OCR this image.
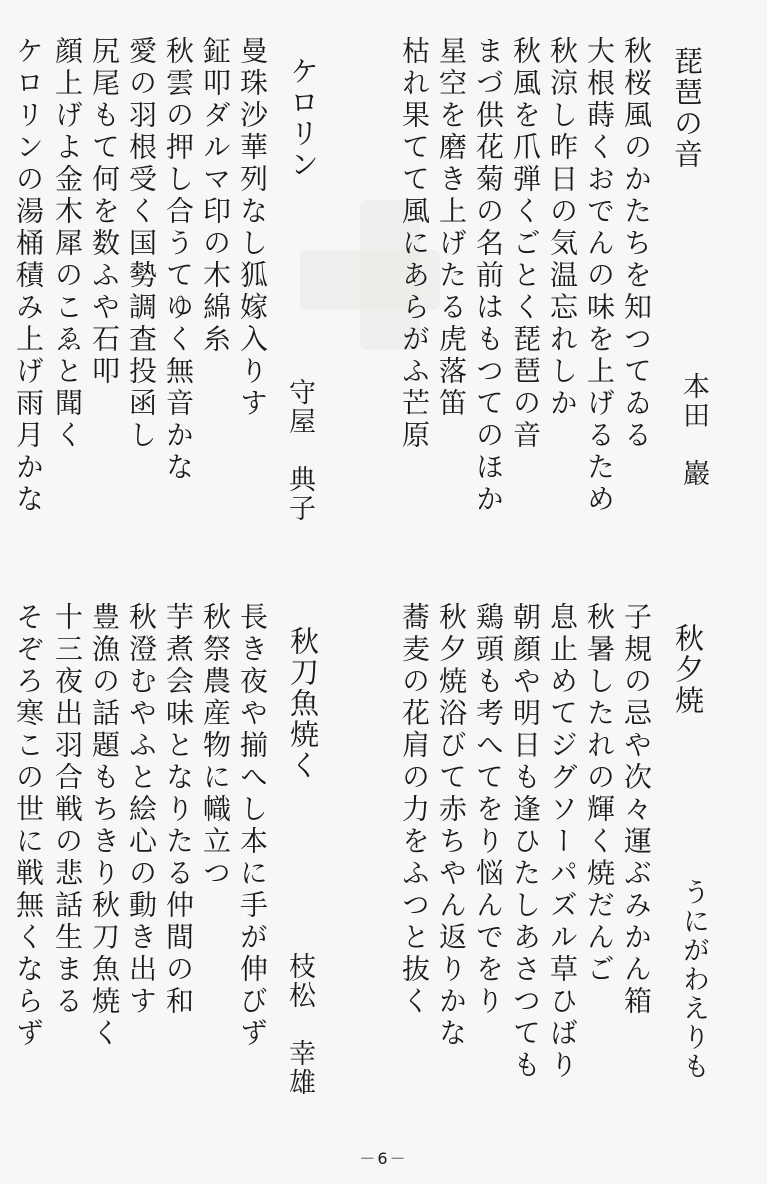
琵琶の音
本田　巖
秋桜風のかたちを知つてゐる
大根蒔くおでんの味を上げるため
秋涼し昨日の気温忘れしか
秋風を爪弾くごとく琵琶の音
まづ供花菊の名前はもつてのほか
星空を磨き上げたる虎落笛
枯れ果てて風にあらがふ芒原
ケロリン
守屋　典子
曼珠沙華列なし狐嫁入りす
鉦叩ダルマ印の木綿糸
秋雲の押し合うてゆく無音かな
愛の羽根受く国勢調査投函し
尻尾もて何を数ふや石叩
顔上げよ金木犀のこゑと聞く
ケロリンの湯桶積み上げ雨月かな
秋夕焼
うにがわえりも
子規の忌や次々運ぶみかん箱
秋暑したれの輝く焼だんご
息止めてジグソーパズル草ひばり
朝顔や明日も逢ひたしあさつても
鶏頭も考へてをり悩んでをり
秋夕焼浴びて赤ちやん返りかな
蕎麦の花肩の力をふつと抜く
秋刀魚焼く
枝松　幸雄
長き夜や揃へし本に手が伸びず
秋祭農産物に幟立つ
芋煮会味となりたる仲間の和
秋澄むやふと絵心の動き出す
豊漁の話題もちきり秋刀魚焼く
十三夜出羽合戦の悲話生まる
そぞろ寒この世に戦無くならず
－6－
